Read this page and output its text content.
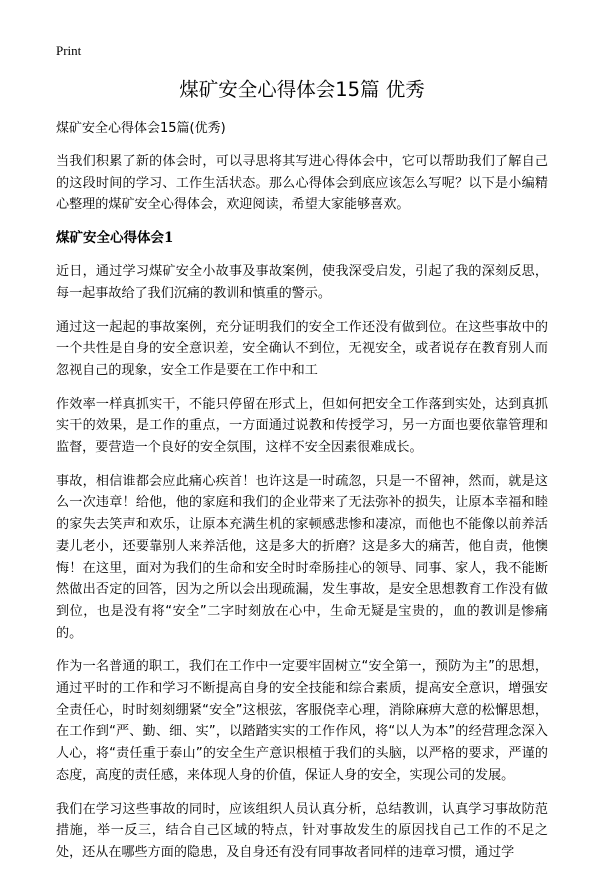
Print
煤矿安全心得体会15篇 优秀
煤矿安全心得体会15篇(优秀)

当我们积累了新的体会时，可以寻思将其写进心得体会中，它可以帮助我们了解自己的这段时间的学习、工作生活状态。那么心得体会到底应该怎么写呢？以下是小编精心整理的煤矿安全心得体会，欢迎阅读，希望大家能够喜欢。

煤矿安全心得体会1

近日，通过学习煤矿安全小故事及事故案例，使我深受启发，引起了我的深刻反思，每一起事故给了我们沉痛的教训和慎重的警示。

通过这一起起的事故案例，充分证明我们的安全工作还没有做到位。在这些事故中的一个共性是自身的安全意识差，安全确认不到位，无视安全，或者说存在教育别人而忽视自己的现象，安全工作是要在工作中和工

作效率一样真抓实干，不能只停留在形式上，但如何把安全工作落到实处，达到真抓实干的效果，是工作的重点，一方面通过说教和传授学习，另一方面也要依靠管理和监督，要营造一个良好的安全氛围，这样不安全因素很难成长。

事故，相信谁都会应此痛心疾首！也许这是一时疏忽，只是一不留神，然而，就是这么一次违章！给他，他的家庭和我们的企业带来了无法弥补的损失，让原本幸福和睦的家失去笑声和欢乐，让原本充满生机的家顿感悲惨和凄凉，而他也不能像以前养活妻儿老小，还要靠别人来养活他，这是多大的折磨？这是多大的痛苦，他自责，他懊悔！在这里，面对为我们的生命和安全时时牵肠挂心的领导、同事、家人，我不能断然做出否定的回答，因为之所以会出现疏漏，发生事故，是安全思想教育工作没有做到位，也是没有将“安全”二字时刻放在心中，生命无疑是宝贵的，血的教训是惨痛的。

作为一名普通的职工，我们在工作中一定要牢固树立“安全第一，预防为主”的思想，通过平时的工作和学习不断提高自身的安全技能和综合素质，提高安全意识，增强安全责任心，时时刻刻绷紧“安全”这根弦，客服侥幸心理，消除麻痹大意的松懈思想，在工作到“严、勤、细、实”，以踏踏实实的工作作风，将“以人为本”的经营理念深入人心，将“责任重于泰山”的安全生产意识根植于我们的头脑，以严格的要求，严谨的态度，高度的责任感，来体现人身的价值，保证人身的安全，实现公司的发展。

我们在学习这些事故的同时，应该组织人员认真分析，总结教训，认真学习事故防范措施，举一反三，结合自己区域的特点，针对事故发生的原因找自己工作的不足之处，还从在哪些方面的隐患，及自身还有没有同事故者同样的违章习惯，通过学
